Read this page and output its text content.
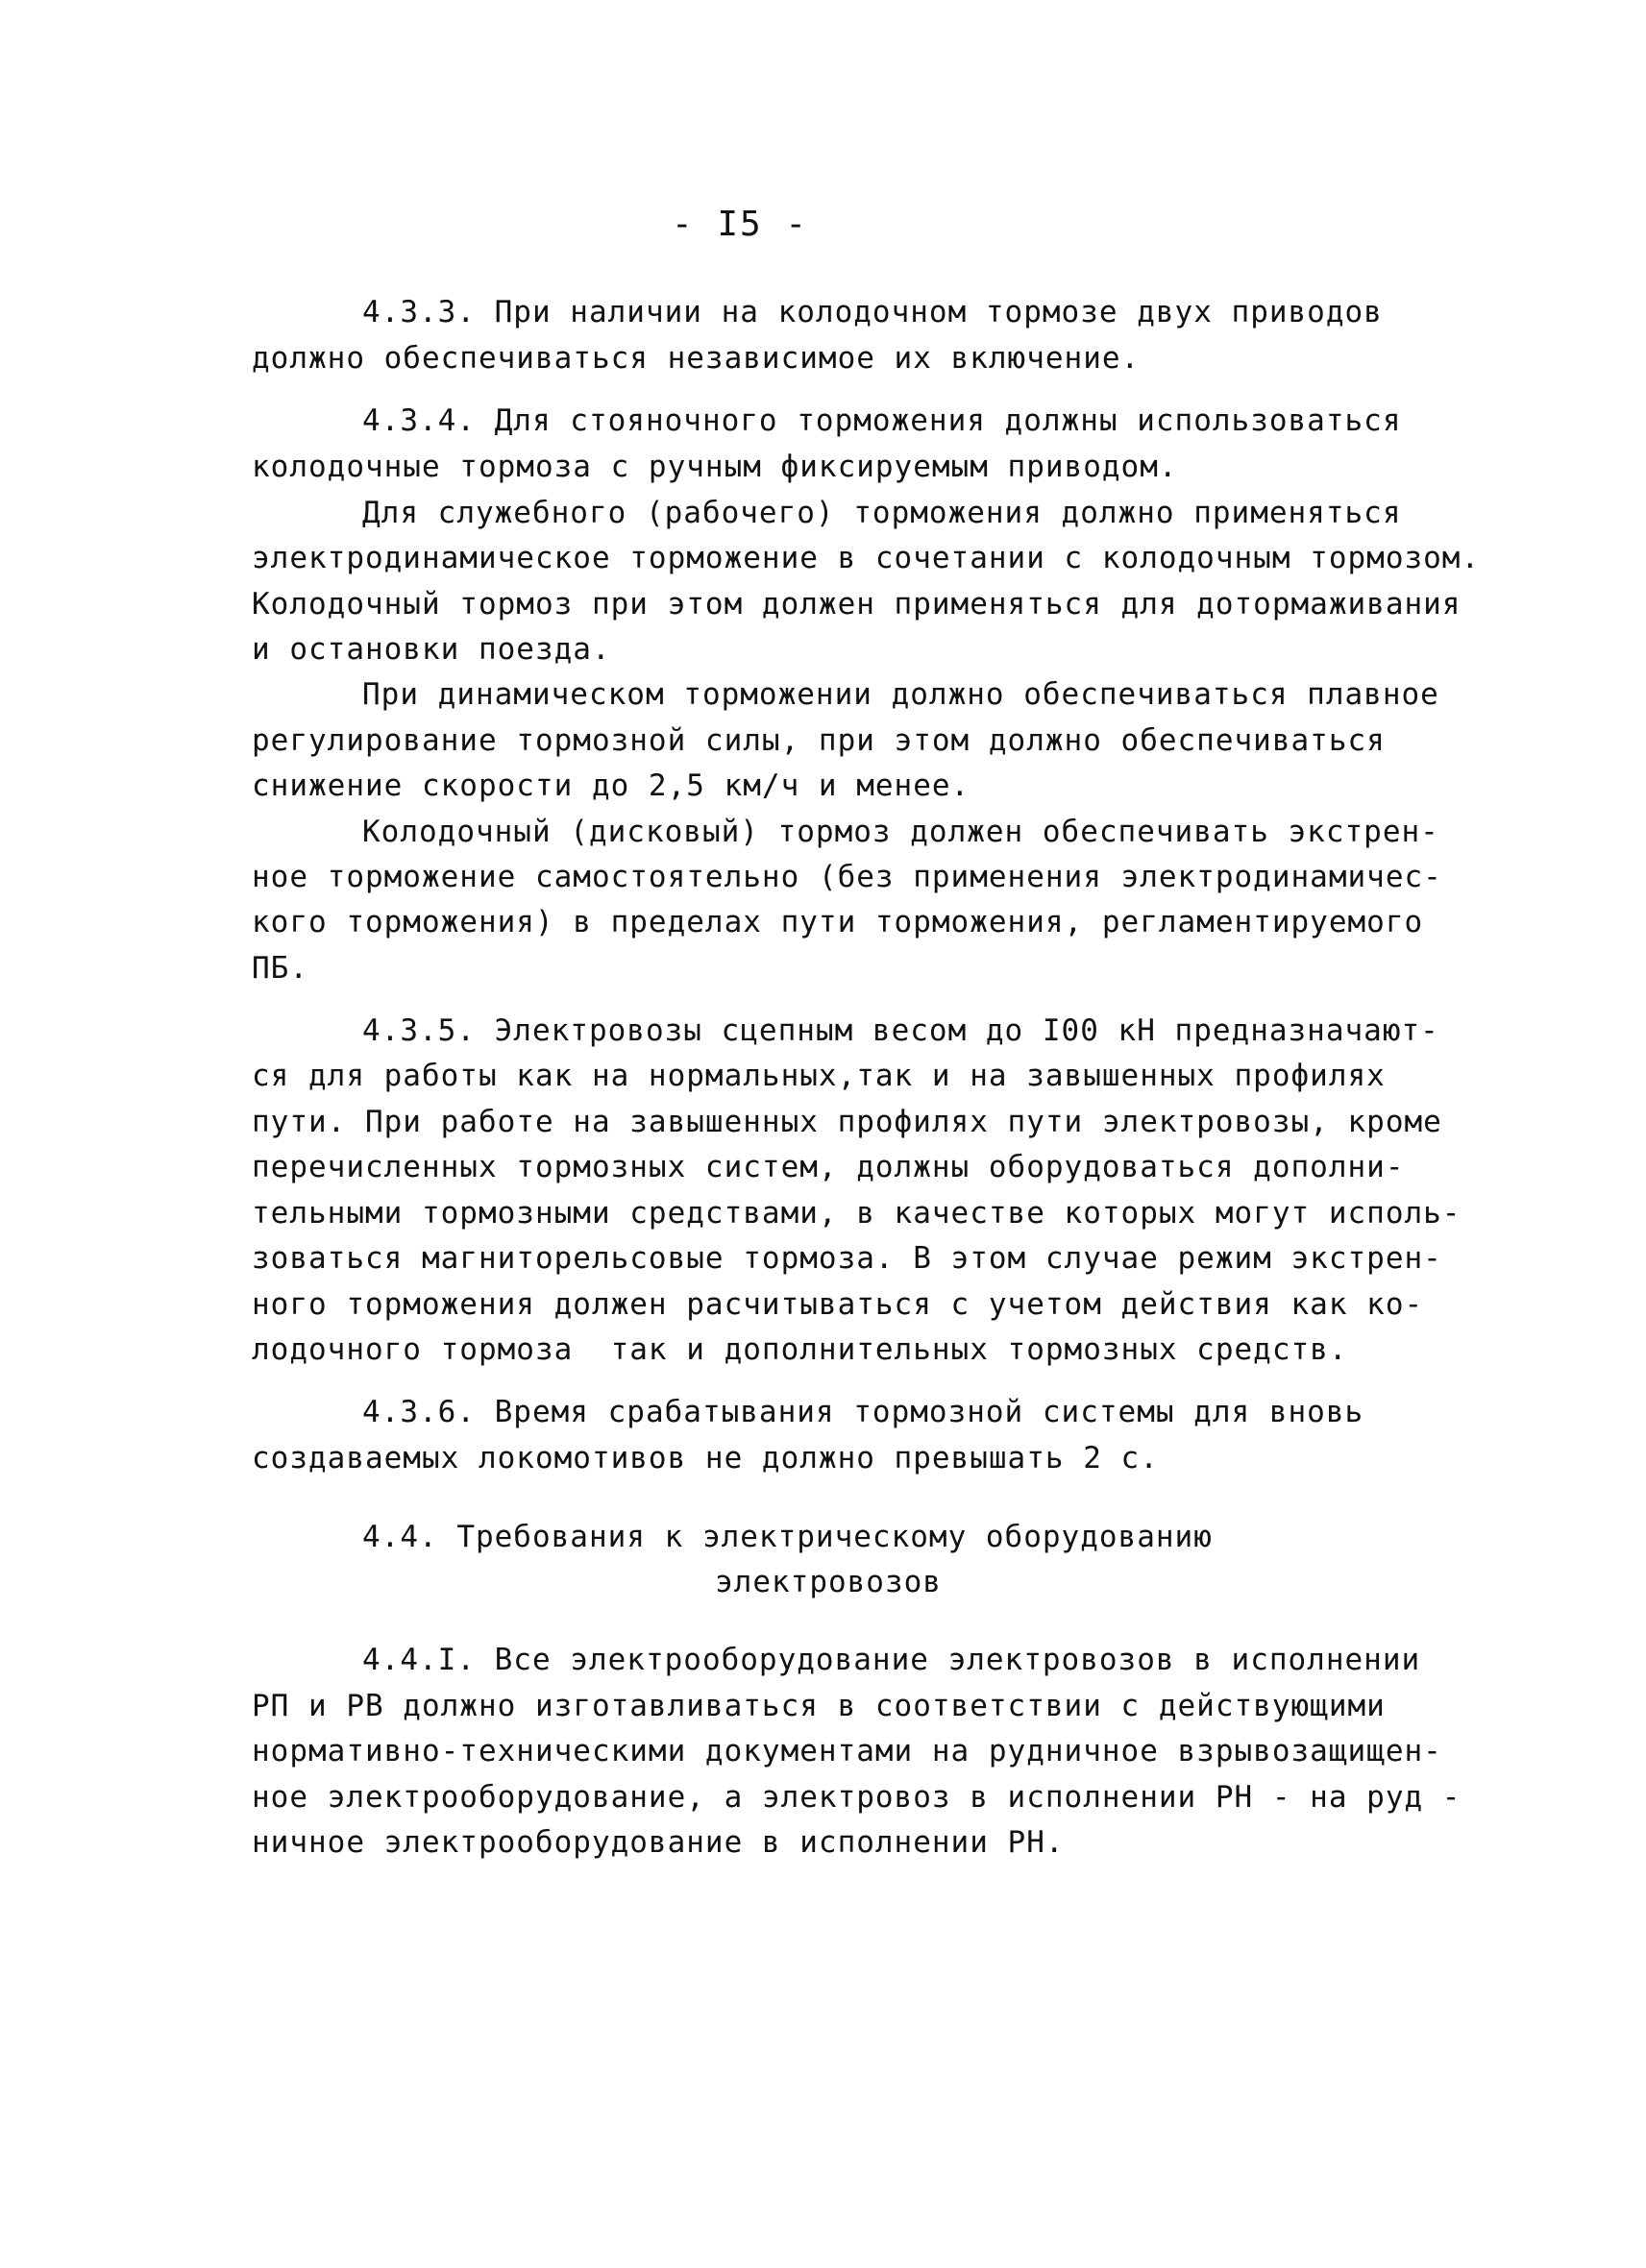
- I5 -
4.3.3. При наличии на колодочном тормозе двух приводов
должно обеспечиваться независимое их включение.
4.3.4. Для стояночного торможения должны использоваться
колодочные тормоза с ручным фиксируемым приводом.
Для служебного (рабочего) торможения должно применяться
электродинамическое торможение в сочетании с колодочным тормозом.
Колодочный тормоз при этом должен применяться для дотормаживания
и остановки поезда.
При динамическом торможении должно обеспечиваться плавное
регулирование тормозной силы, при этом должно обеспечиваться
снижение скорости до 2,5 км/ч и менее.
Колодочный (дисковый) тормоз должен обеспечивать экстрен-
ное торможение самостоятельно (без применения электродинамичес-
кого торможения) в пределах пути торможения, регламентируемого
ПБ.
4.3.5. Электровозы сцепным весом до I00 кН предназначают-
ся для работы как на нормальных,так и на завышенных профилях
пути. При работе на завышенных профилях пути электровозы, кроме
перечисленных тормозных систем, должны оборудоваться дополни-
тельными тормозными средствами, в качестве которых могут исполь-
зоваться магниторельсовые тормоза. В этом случае режим экстрен-
ного торможения должен расчитываться с учетом действия как ко-
лодочного тормоза  так и дополнительных тормозных средств.
4.3.6. Время срабатывания тормозной системы для вновь
создаваемых локомотивов не должно превышать 2 с.
4.4. Требования к электрическому оборудованию
электровозов
4.4.I. Все электрооборудование электровозов в исполнении
РП и РВ должно изготавливаться в соответствии с действующими
нормативно-техническими документами на рудничное взрывозащищен-
ное электрооборудование, а электровоз в исполнении РН - на руд -
ничное электрооборудование в исполнении РН.
